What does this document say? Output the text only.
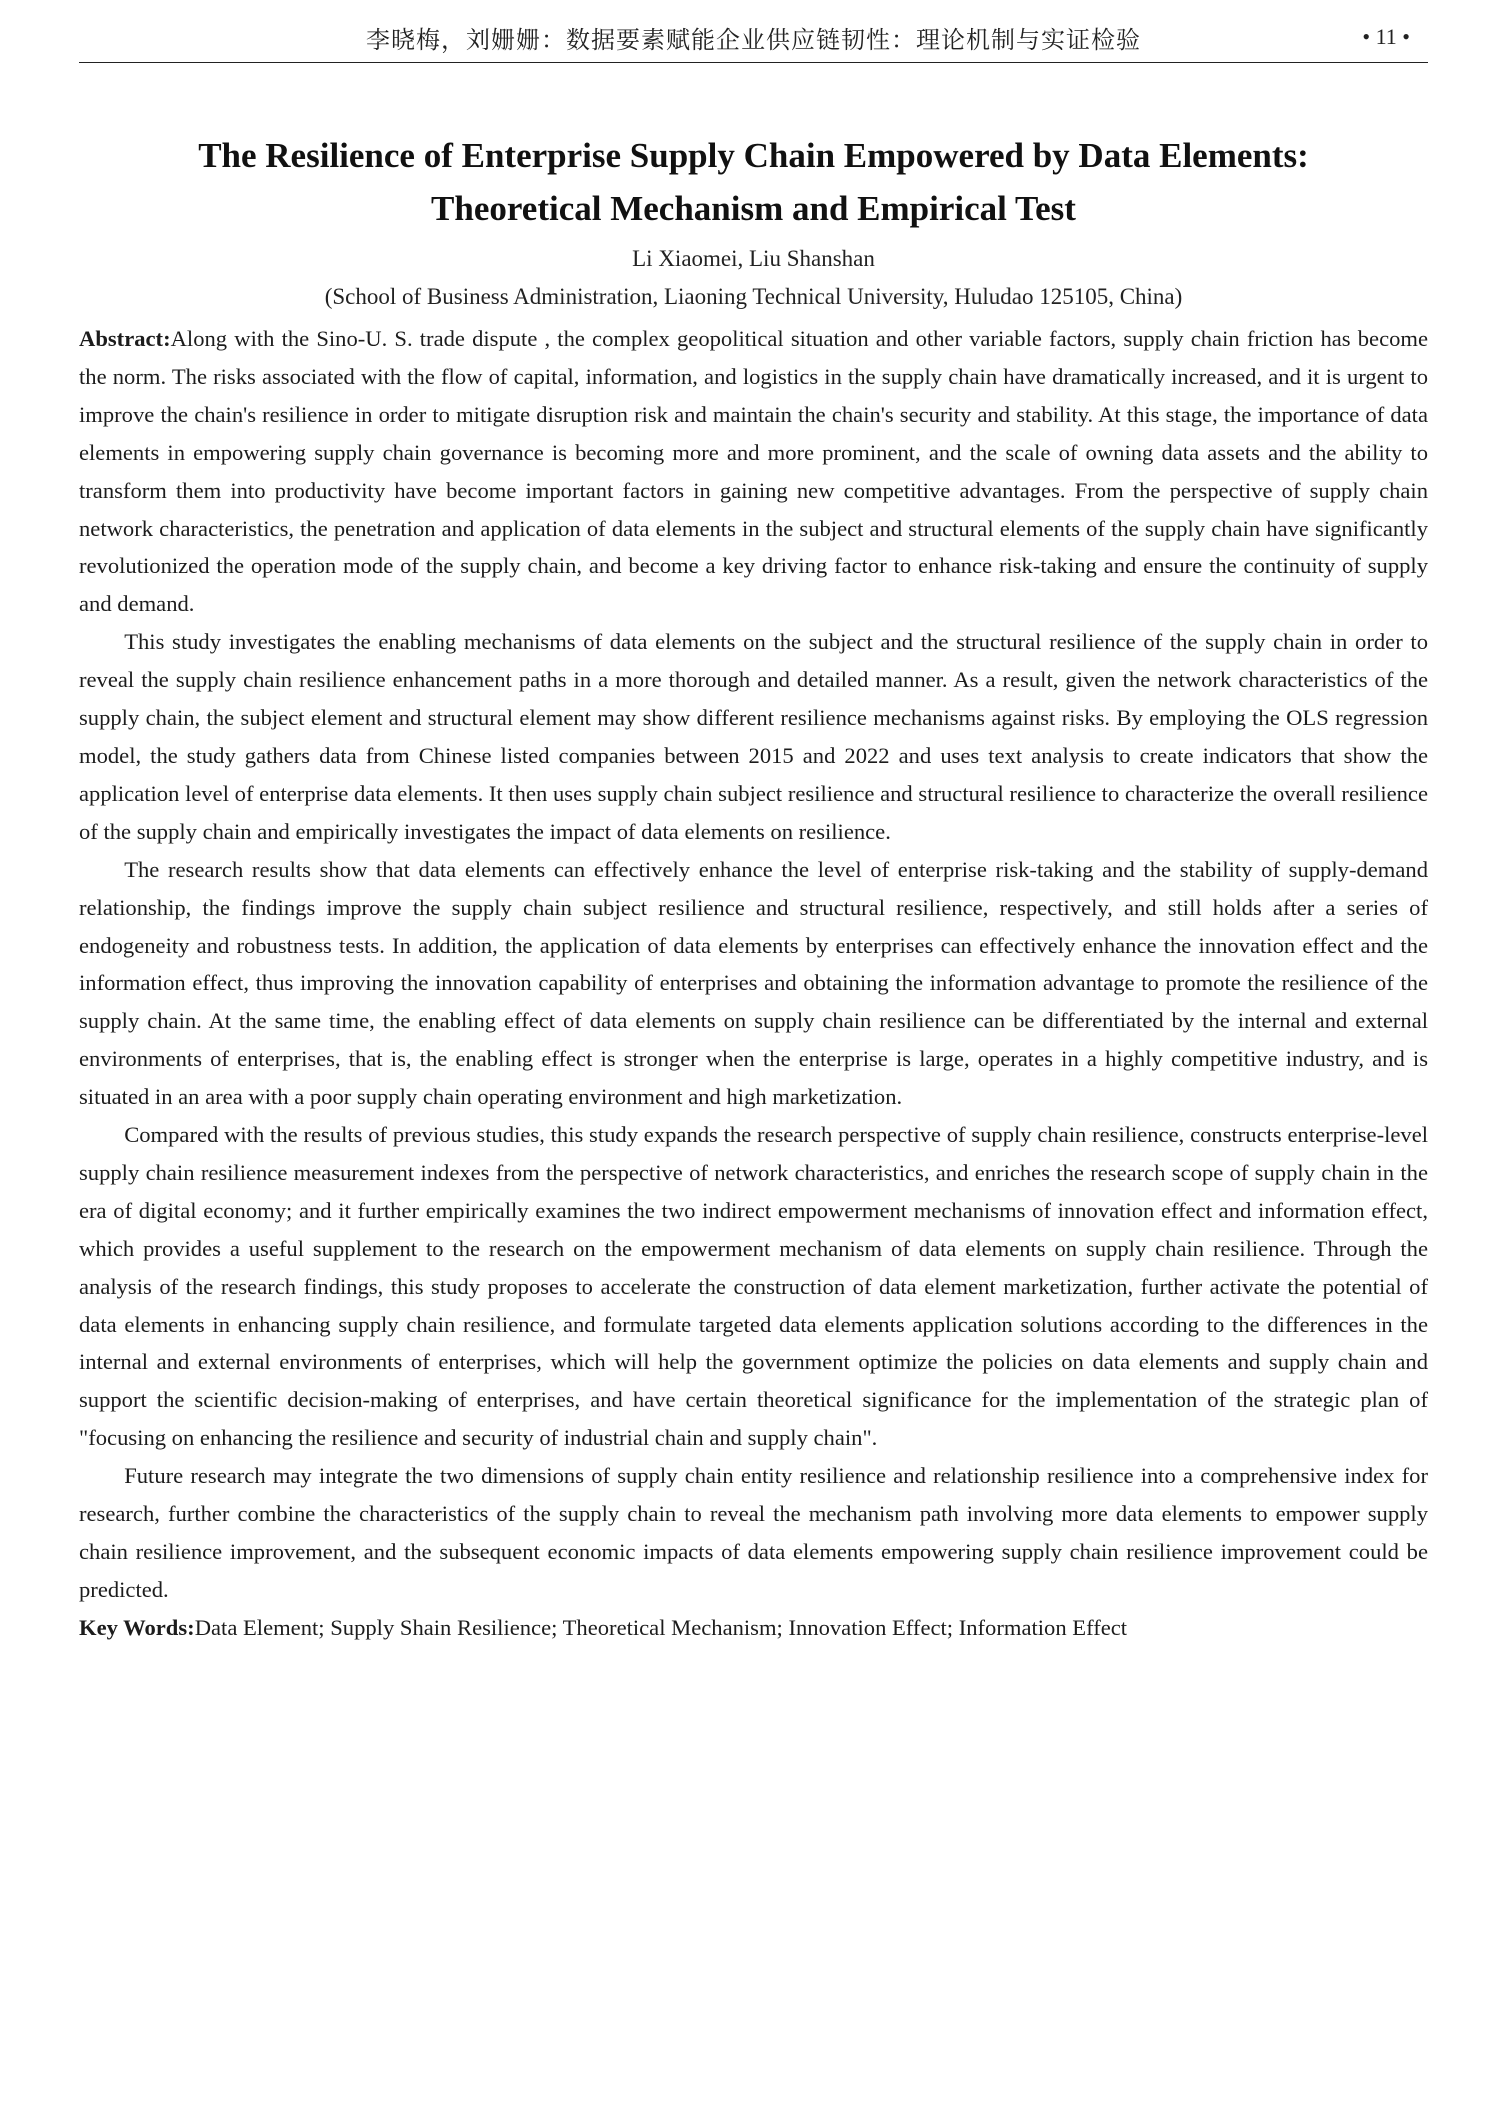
李晓梅，刘姗姗：数据要素赋能企业供应链韧性：理论机制与实证检验	• 11 •
The Resilience of Enterprise Supply Chain Empowered by Data Elements:
Theoretical Mechanism and Empirical Test
Li Xiaomei, Liu Shanshan
(School of Business Administration, Liaoning Technical University, Huludao 125105, China)

Abstract:Along with the Sino-U. S. trade dispute , the complex geopolitical situation and other variable factors, supply chain friction has become the norm. The risks associated with the flow of capital, information, and logistics in the supply chain have dramatically increased, and it is urgent to improve the chain's resilience in order to mitigate disruption risk and maintain the chain's security and stability. At this stage, the importance of data elements in empowering supply chain governance is becoming more and more prominent, and the scale of owning data assets and the ability to transform them into productivity have become important factors in gaining new competitive advantages. From the perspective of supply chain network characteristics, the penetration and application of data elements in the subject and structural elements of the supply chain have significantly revolutionized the operation mode of the supply chain, and become a key driving factor to enhance risk-taking and ensure the continuity of supply and demand.

This study investigates the enabling mechanisms of data elements on the subject and the structural resilience of the supply chain in order to reveal the supply chain resilience enhancement paths in a more thorough and detailed manner. As a result, given the network characteristics of the supply chain, the subject element and structural element may show different resilience mechanisms against risks. By employing the OLS regression model, the study gathers data from Chinese listed companies between 2015 and 2022 and uses text analysis to create indicators that show the application level of enterprise data elements. It then uses supply chain subject resilience and structural resilience to characterize the overall resilience of the supply chain and empirically investigates the impact of data elements on resilience.

The research results show that data elements can effectively enhance the level of enterprise risk-taking and the stability of supply-demand relationship, the findings improve the supply chain subject resilience and structural resilience, respectively, and still holds after a series of endogeneity and robustness tests. In addition, the application of data elements by enterprises can effectively enhance the innovation effect and the information effect, thus improving the innovation capability of enterprises and obtaining the information advantage to promote the resilience of the supply chain. At the same time, the enabling effect of data elements on supply chain resilience can be differentiated by the internal and external environments of enterprises, that is, the enabling effect is stronger when the enterprise is large, operates in a highly competitive industry, and is situated in an area with a poor supply chain operating environment and high marketization.

Compared with the results of previous studies, this study expands the research perspective of supply chain resilience, constructs enterprise-level supply chain resilience measurement indexes from the perspective of network characteristics, and enriches the research scope of supply chain in the era of digital economy; and it further empirically examines the two indirect empowerment mechanisms of innovation effect and information effect, which provides a useful supplement to the research on the empowerment mechanism of data elements on supply chain resilience. Through the analysis of the research findings, this study proposes to accelerate the construction of data element marketization, further activate the potential of data elements in enhancing supply chain resilience, and formulate targeted data elements application solutions according to the differences in the internal and external environments of enterprises, which will help the government optimize the policies on data elements and supply chain and support the scientific decision-making of enterprises, and have certain theoretical significance for the implementation of the strategic plan of "focusing on enhancing the resilience and security of industrial chain and supply chain".

Future research may integrate the two dimensions of supply chain entity resilience and relationship resilience into a comprehensive index for research, further combine the characteristics of the supply chain to reveal the mechanism path involving more data elements to empower supply chain resilience improvement, and the subsequent economic impacts of data elements empowering supply chain resilience improvement could be predicted.

Key Words:Data Element; Supply Shain Resilience; Theoretical Mechanism; Innovation Effect; Information Effect
